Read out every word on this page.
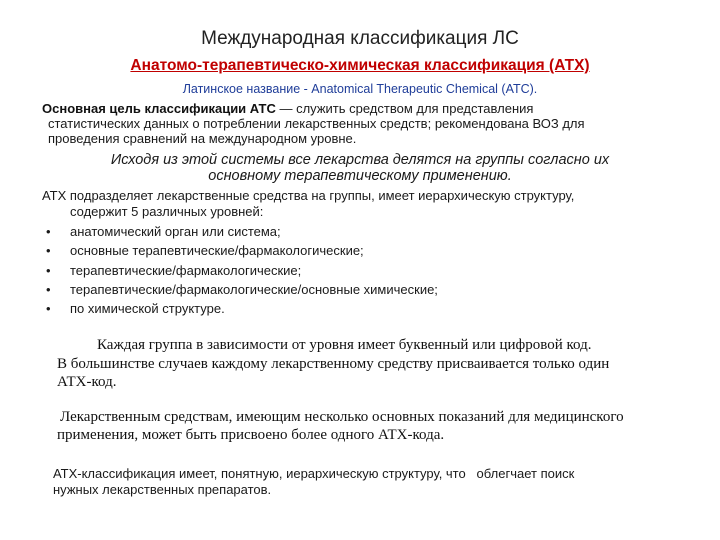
Международная классификация ЛС
Анатомо-терапевтическо-химическая классификация (АТХ)
Латинское название - Anatomical Therapeutic Chemical (ATC).
Основная цель классификации АТС — служить средством для представления
статистических данных о потреблении лекарственных средств; рекомендована ВОЗ для
проведения сравнений на международном уровне.
Исходя из этой системы все лекарства делятся на группы согласно их
основному терапевтическому применению.
АТХ подразделяет лекарственные средства на группы, имеет иерархическую структуру,
содержит 5 различных уровней:
• анатомический орган или система;
• основные терапевтические/фармакологические;
• терапевтические/фармакологические;
• терапевтические/фармакологические/основные химические;
• по химической структуре.
Каждая группа в зависимости от уровня имеет буквенный или цифровой код.
В большинстве случаев каждому лекарственному средству присваивается только один
АТХ-код.
Лекарственным средствам, имеющим несколько основных показаний для медицинского
применения, может быть присвоено более одного АТХ-кода.
АТХ-классификация имеет, понятную, иерархическую структуру, что   облегчает поиск
нужных лекарственных препаратов.
